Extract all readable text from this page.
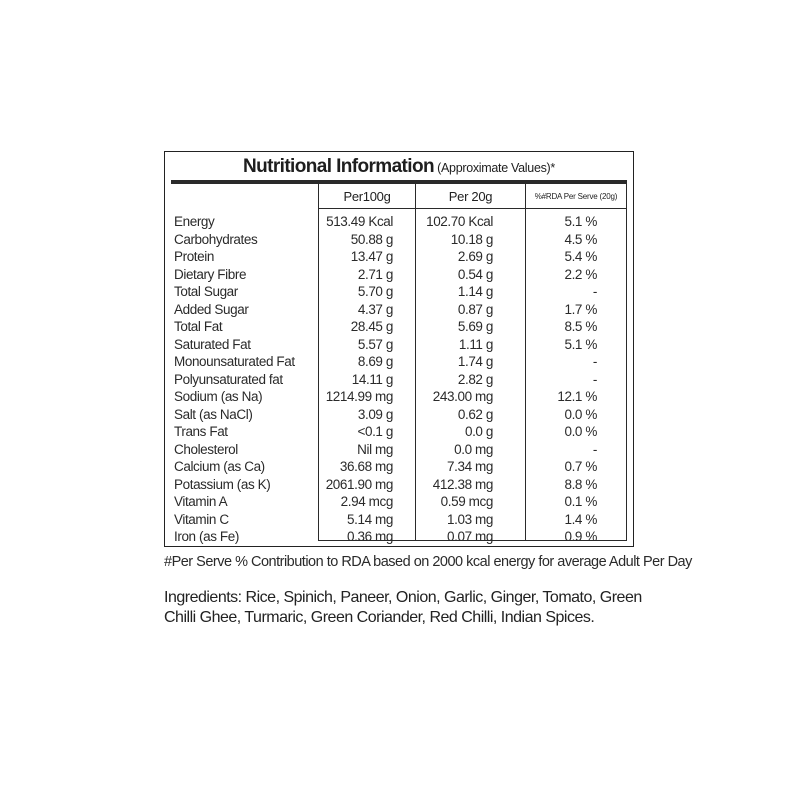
Nutritional Information (Approximate Values)*
Per100g	Per 20g	%#RDA Per Serve (20g)
Energy	513.49 Kcal 102.70 Kcal	5.1 %
Carbohydrates	50.88 g	10.18 g	4.5 %
Protein	13.47 g	2.69 g	5.4 %
Dietary Fibre	2.71 g	0.54 g	2.2 %
Total Sugar	5.70 g	1.14 g	-
Added Sugar	4.37 g	0.87 g	1.7 %
Total Fat	28.45 g	5.69 g	8.5 %
Saturated Fat	5.57 g	1.11 g	5.1 %
Monounsaturated Fat	8.69 g	1.74 g	-
Polyunsaturated fat	14.11 g	2.82 g	-
Sodium (as Na)	1214.99 mg	243.00 mg	12.1 %
Salt (as NaCl)	3.09 g	0.62 g	0.0 %
Trans Fat	<0.1 g	0.0 g	0.0 %
Cholesterol	Nil mg	0.0 mg	-
Calcium (as Ca)	36.68 mg	7.34 mg	0.7 %
Potassium (as K)	2061.90 mg	412.38 mg	8.8 %
Vitamin A	2.94 mcg	0.59 mcg	0.1 %
Vitamin C	5.14 mg	1.03 mg	1.4 %
Iron (as Fe)	0.36 mg	0.07 mg	0.9 %
#Per Serve % Contribution to RDA based on 2000 kcal energy for average Adult Per Day
Ingredients: Rice, Spinich, Paneer, Onion, Garlic, Ginger, Tomato, Green Chilli Ghee, Turmaric, Green Coriander, Red Chilli, Indian Spices.
